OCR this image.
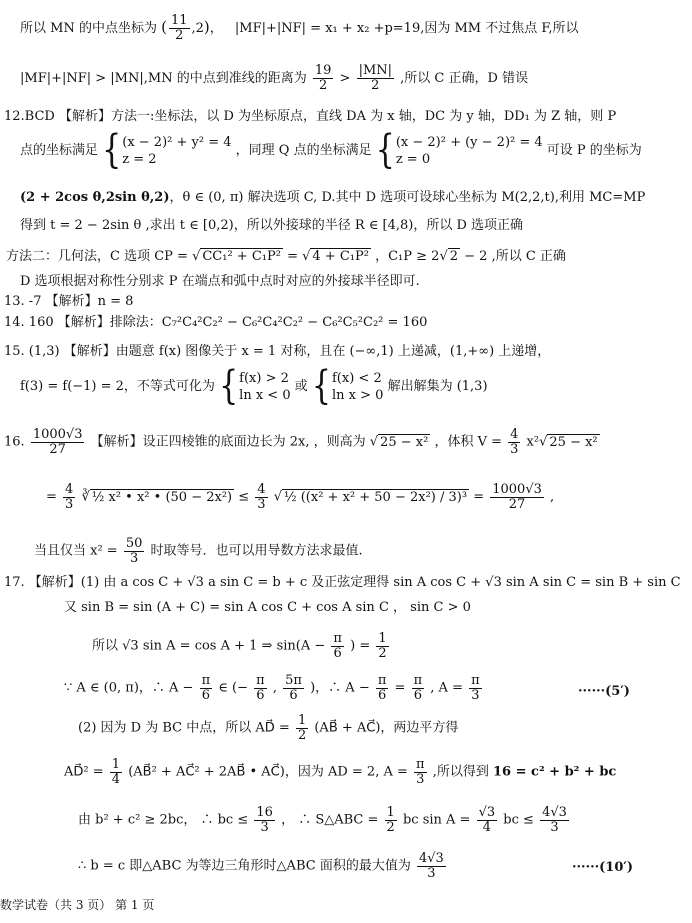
所以 MN 的中点坐标为 ( $\frac{11}{2} ,2$)， |MF|+|NF| = x₁ + x₂ +p=19,因为 MM 不过焦点 F,所以
|MF|+|NF| > |MN|,MN 的中点到准线的距离为 $\frac{19}{2} > \frac{|MN|}{2}$ ,所以 C 正确，D 错误
12.BCD 【解析】方法一:坐标法，以 D 为坐标原点，直线 DA 为 x 轴，DC 为 y 轴，DD₁ 为 Z 轴，则 P
点的坐标满足 { (x − 2)² + y² = 4
z = 2
，同理 Q 点的坐标满足 { (x − 2)² + (y − 2)² = 4
z = 0
可设 P 的坐标为
(2 + 2cos θ,2sin θ,2)，θ ∈ (0, π) 解决选项 C, D.其中 D 选项可设球心坐标为 M(2,2,t),利用 MC=MP
得到 t = 2 − 2sin θ ,求出 t ∈ [0,2)，所以外接球的半径 R ∈ [4,8)，所以 D 选项正确
方法二：几何法，C 选项 CP = √ CC₁² + C₁P² = √ 4 + C₁P² ，C₁P ≥ 2√ 2 − 2 ,所以 C 正确
D 选项根据对称性分别求 P 在端点和弧中点时对应的外接球半径即可.
13. -7 【解析】n = 8
14. 160 【解析】排除法：C₇²C₄²C₂² − C₆²C₄²C₂² − C₆²C₅²C₂² = 160
15. (1,3) 【解析】由题意 f(x) 图像关于 x = 1 对称，且在 (−∞,1) 上递减，(1,+∞) 上递增，
f(3) = f(−1) = 2，不等式可化为 { f(x) > 2
ln x < 0
或 { f(x) < 2
ln x > 0
解出解集为 (1,3)
16. $\frac{1000√3}{27}$ 【解析】设正四棱锥的底面边长为 2x, ，则高为 √ 25 − x² ，体积 $V = \frac{4}{3} x^2√$ 25 − x²
= $\frac{4}{3}$ ∛ ½ x² • x² • $(50 - 2x^2) \le \frac{4}{3}$ √ ½ $((x^2 + x^2 + 50 - 2x^2) / 3)^3 = \frac{1000√3}{27}$ ,
当且仅当 $x^2 = \frac{50}{3}$ 时取等号．也可以用导数方法求最值.
17. 【解析】(1) 由 a cos C + √3 a sin C = b + c 及正弦定理得 sin A cos C + √3 sin A sin C = sin B + sin C
又 sin B = sin (A + C) = sin A cos C + cos A sin C ， sin C > 0
所以 √3 sin A = cos A + 1 ⇒ $\sin(A - \frac{\pi}{6}$ ) = $\frac{1}{2}$
∵ A ∈ (0, π)，∴ $A - \frac{\pi}{6}$ ∈ (− $\frac{\pi}{6}$ , $\frac{5\pi}{6}$ )，∴ $A - \frac{\pi}{6} = \frac{\pi}{6}$ , $A = \frac{\pi}{3}$	······(5′)
(2) 因为 D 为 BC 中点，所以 AD⃗ = $\frac{1}{2}$ (AB⃗ + AC⃗)，两边平方得
AD⃗² = $\frac{1}{4}$ (AB⃗² + AC⃗² + 2AB⃗ • AC⃗)，因为 AD = 2, $A = \frac{\pi}{3}$ ,所以得到 16 = c² + b² + bc
由 b² + c² ≥ 2bc， ∴ bc ≤ $\frac{16}{3}$ ， ∴ S△ABC = $\frac{1}{2}$ bc $\sin A = \frac{√3}{4}$ bc ≤ $\frac{4√3}{3}$
∴ b = c 即△ABC 为等边三角形时△ABC 面积的最大值为 $\frac{4√3}{3}$	······(10′)
数学试卷（共 3 页） 第 1 页
